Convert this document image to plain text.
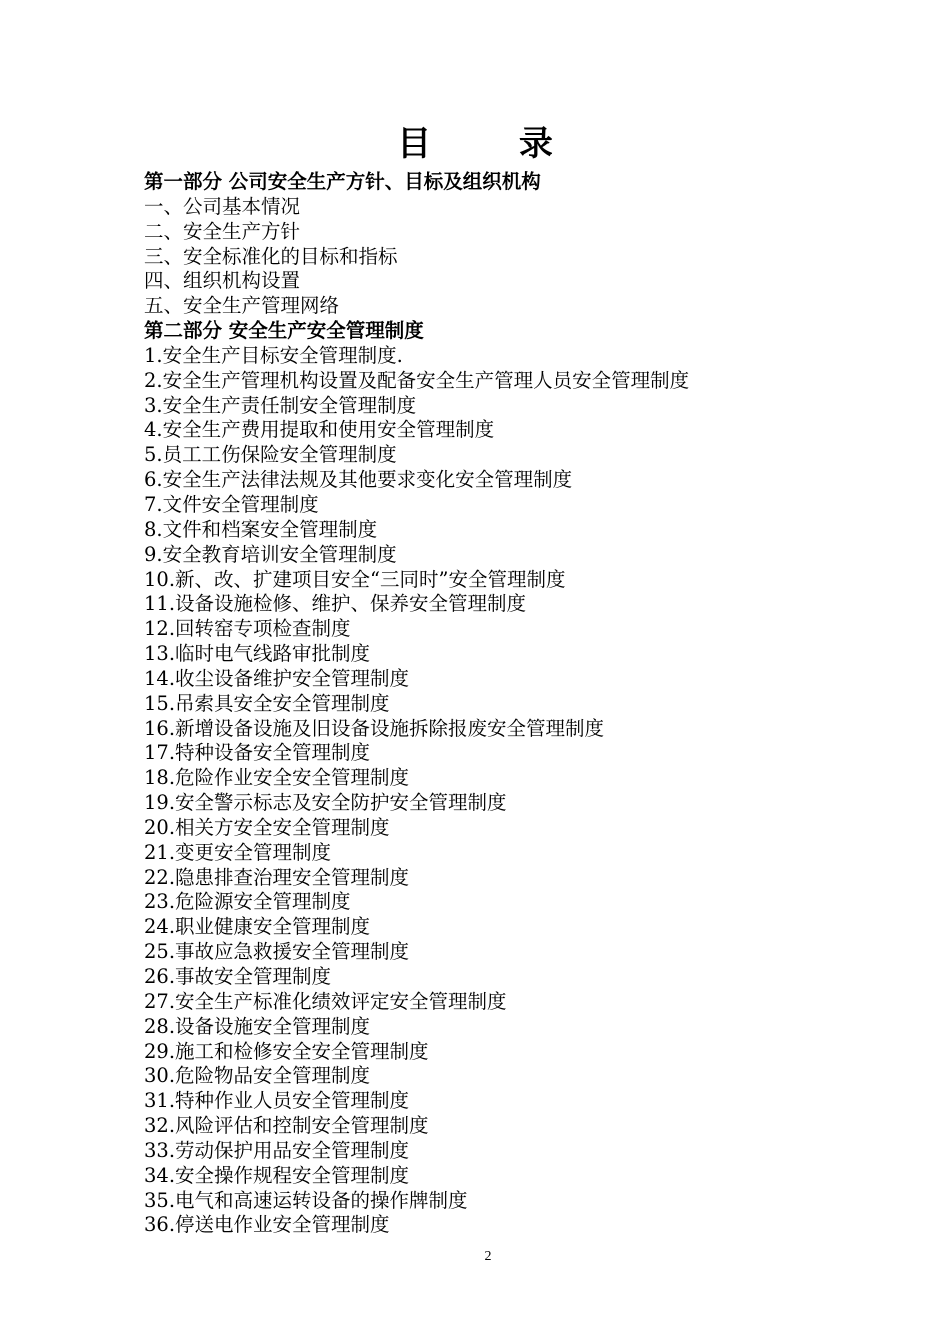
目 录
第一部分 公司安全生产方针、目标及组织机构
一、公司基本情况
二、安全生产方针
三、安全标准化的目标和指标
四、组织机构设置
五、安全生产管理网络
第二部分 安全生产安全管理制度
1.安全生产目标安全管理制度.
2.安全生产管理机构设置及配备安全生产管理人员安全管理制度
3.安全生产责任制安全管理制度
4.安全生产费用提取和使用安全管理制度
5.员工工伤保险安全管理制度
6.安全生产法律法规及其他要求变化安全管理制度
7.文件安全管理制度
8.文件和档案安全管理制度
9.安全教育培训安全管理制度
10.新、改、扩建项目安全“三同时”安全管理制度
11.设备设施检修、维护、保养安全管理制度
12.回转窑专项检查制度
13.临时电气线路审批制度
14.收尘设备维护安全管理制度
15.吊索具安全安全管理制度
16.新增设备设施及旧设备设施拆除报废安全管理制度
17.特种设备安全管理制度
18.危险作业安全安全管理制度
19.安全警示标志及安全防护安全管理制度
20.相关方安全安全管理制度
21.变更安全管理制度
22.隐患排查治理安全管理制度
23.危险源安全管理制度
24.职业健康安全管理制度
25.事故应急救援安全管理制度
26.事故安全管理制度
27.安全生产标准化绩效评定安全管理制度
28.设备设施安全管理制度
29.施工和检修安全安全管理制度
30.危险物品安全管理制度
31.特种作业人员安全管理制度
32.风险评估和控制安全管理制度
33.劳动保护用品安全管理制度
34.安全操作规程安全管理制度
35.电气和高速运转设备的操作牌制度
36.停送电作业安全管理制度
2
